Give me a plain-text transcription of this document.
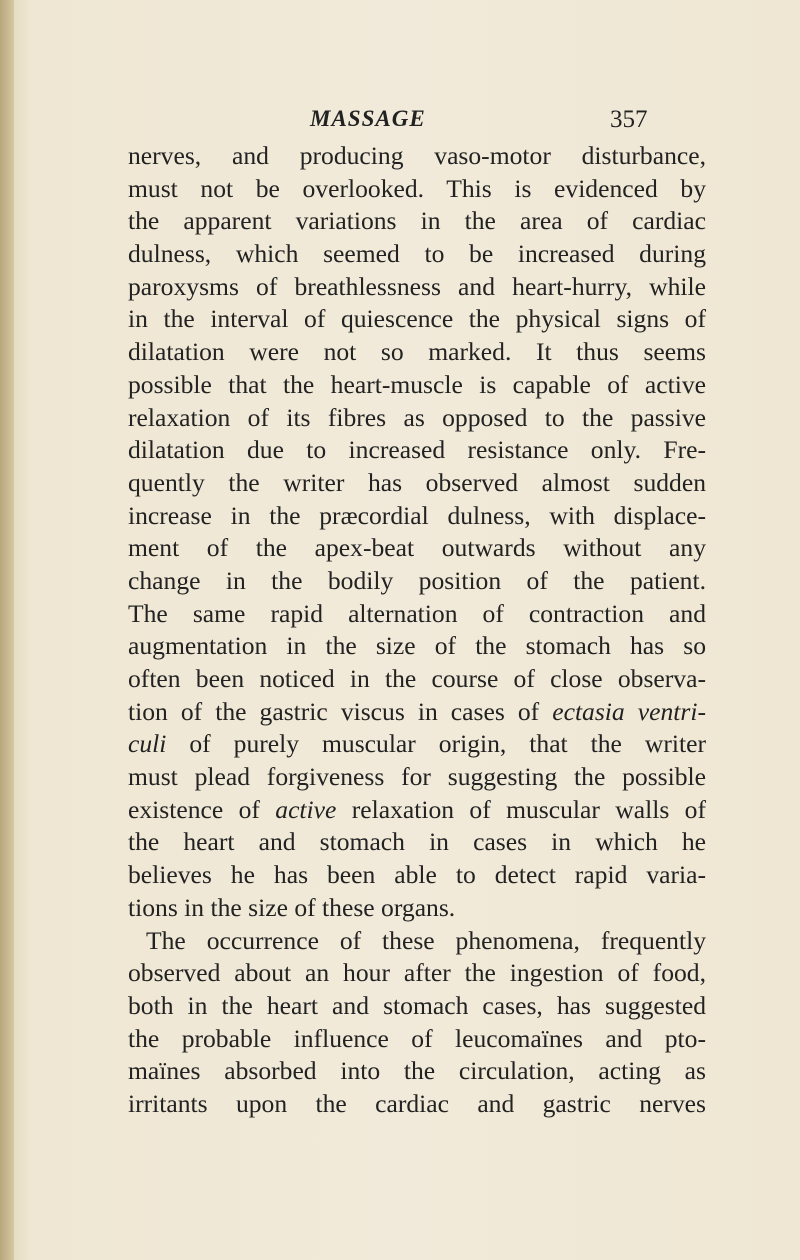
MASSAGE	357
nerves, and producing vaso-motor disturbance,
must not be overlooked. This is evidenced by
the apparent variations in the area of cardiac
dulness, which seemed to be increased during
paroxysms of breathlessness and heart-hurry, while
in the interval of quiescence the physical signs of
dilatation were not so marked. It thus seems
possible that the heart-muscle is capable of active
relaxation of its fibres as opposed to the passive
dilatation due to increased resistance only. Fre-
quently the writer has observed almost sudden
increase in the præcordial dulness, with displace-
ment of the apex-beat outwards without any
change in the bodily position of the patient.
The same rapid alternation of contraction and
augmentation in the size of the stomach has so
often been noticed in the course of close observa-
tion of the gastric viscus in cases of ectasia ventri-
culi of purely muscular origin, that the writer
must plead forgiveness for suggesting the possible
existence of active relaxation of muscular walls of
the heart and stomach in cases in which he
believes he has been able to detect rapid varia-
tions in the size of these organs.
The occurrence of these phenomena, frequently
observed about an hour after the ingestion of food,
both in the heart and stomach cases, has suggested
the probable influence of leucomaïnes and pto-
maïnes absorbed into the circulation, acting as
irritants upon the cardiac and gastric nerves
